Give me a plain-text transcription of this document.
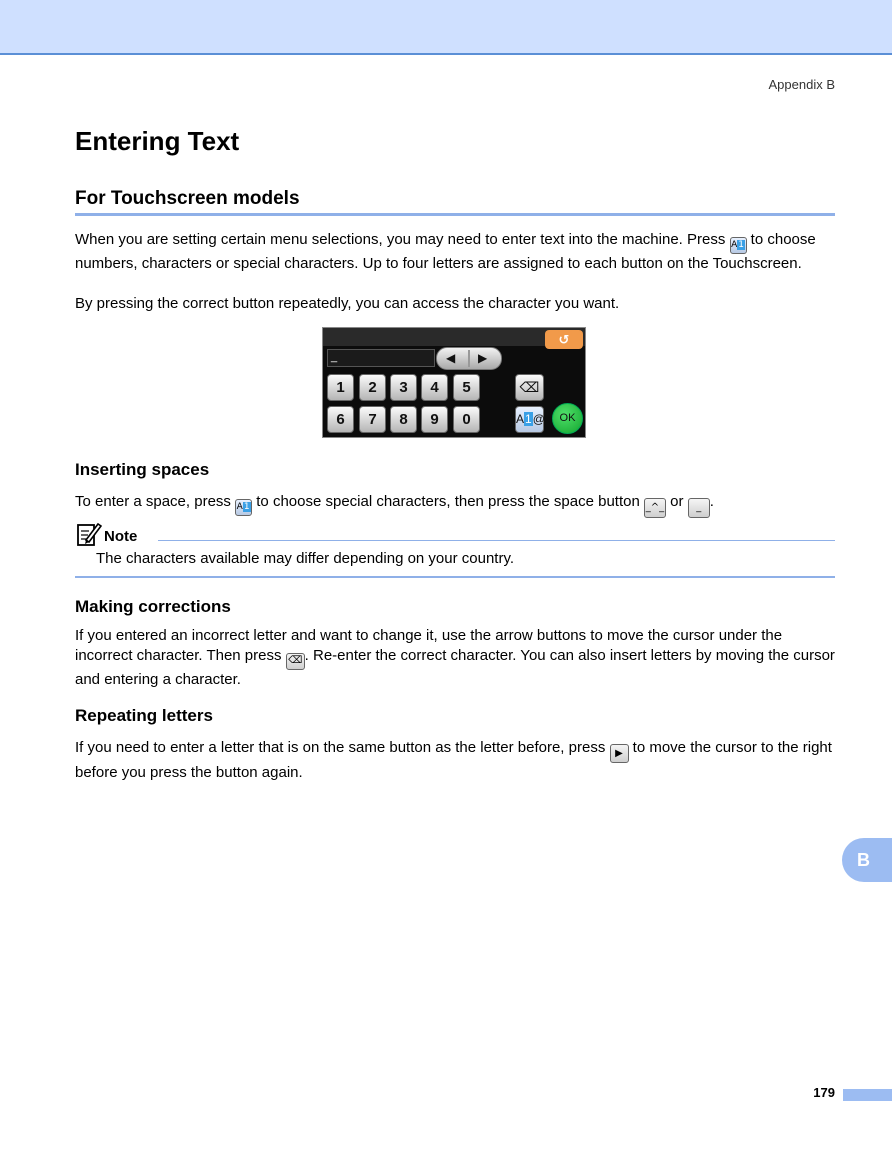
Appendix B
Entering Text
For Touchscreen models

When you are setting certain menu selections, you may need to enter text into the machine. Press A1 to choose numbers, characters or special characters. Up to four letters are assigned to each button on the Touchscreen.

By pressing the correct button repeatedly, you can access the character you want.

↺
_	◀ ▶
1	2	3	4	5	⌫
6	7	8	9	0	A1@	OK
Inserting spaces

To enter a space, press A1 to choose special characters, then press the space button _^_ or _ .

Note

The characters available may differ depending on your country.

Making corrections

If you entered an incorrect letter and want to change it, use the arrow buttons to move the cursor under the incorrect character. Then press ⌫ . Re-enter the correct character. You can also insert letters by moving the cursor and entering a character.

Repeating letters

If you need to enter a letter that is on the same button as the letter before, press ▶ to move the cursor to the right before you press the button again.

B
179
